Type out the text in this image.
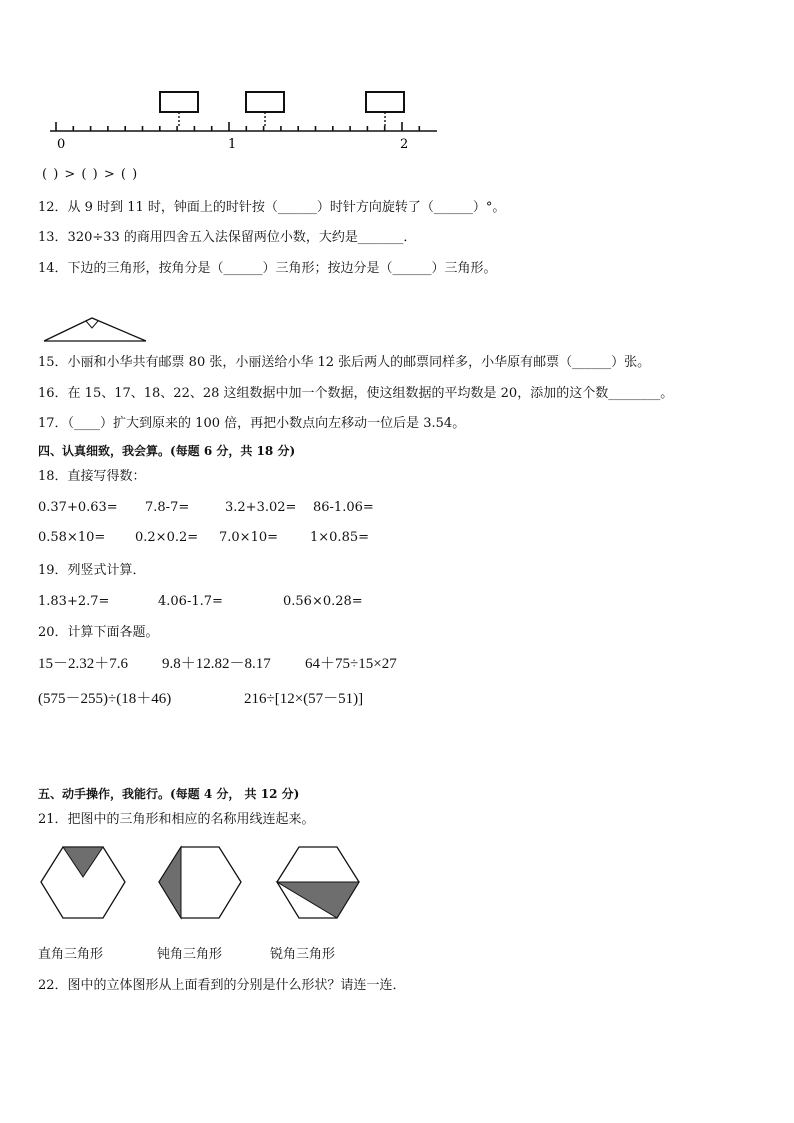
0	1	2
( ) > ( ) > ( )
12．从 9 时到 11 时，钟面上的时针按（______）时针方向旋转了（______）°。
13．320÷33 的商用四舍五入法保留两位小数，大约是_______．
14．下边的三角形，按角分是（______）三角形；按边分是（______）三角形。
15．小丽和小华共有邮票 80 张，小丽送给小华 12 张后两人的邮票同样多，小华原有邮票（______）张。
16．在 15、17、18、22、28 这组数据中加一个数据，使这组数据的平均数是 20，添加的这个数________。
17．（____）扩大到原来的 100 倍，再把小数点向左移动一位后是 3.54。
四、认真细致，我会算。(每题 6 分，共 18 分)
18．直接写得数：
0.37+0.63= 7.8-7=	3.2+3.02= 86-1.06=
0.58×10= 0.2×0.2= 7.0×10= 1×0.85=
19．列竖式计算．
1.83+2.7=	4.06-1.7=	0.56×0.28=
20．计算下面各题。
15－2.32＋7.6 9.8＋12.82－8.17 64＋75÷15×27
(575－255)÷(18＋46)	216÷[12×(57－51)]
五、动手操作，我能行。(每题 4 分， 共 12 分)
21．把图中的三角形和相应的名称用线连起来。
直角三角形	钝角三角形	锐角三角形
22．图中的立体图形从上面看到的分别是什么形状？请连一连．
